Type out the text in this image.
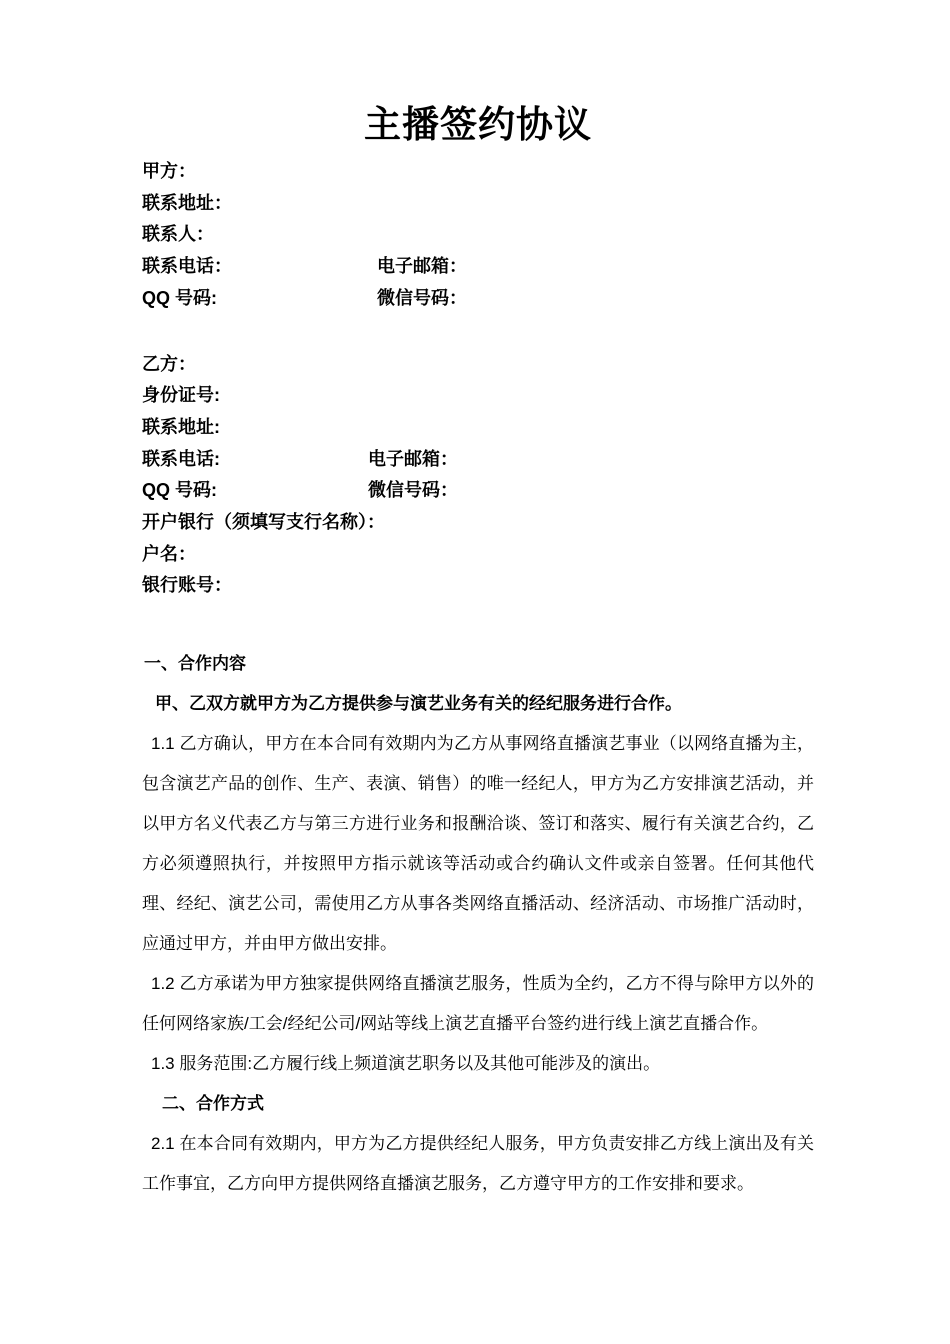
主播签约协议
甲方：
联系地址：
联系人：
联系电话：	电子邮箱：
QQ 号码:	微信号码：
乙方：
身份证号:
联系地址:
联系电话:	电子邮箱：
QQ 号码:	微信号码：
开户银行（须填写支行名称）：
户名：
银行账号：

一、合作内容

甲、乙双方就甲方为乙方提供参与演艺业务有关的经纪服务进行合作。

1.1 乙方确认，甲方在本合同有效期内为乙方从事网络直播演艺事业（以网络直播为主，包含演艺产品的创作、生产、表演、销售）的唯一经纪人，甲方为乙方安排演艺活动，并以甲方名义代表乙方与第三方进行业务和报酬洽谈、签订和落实、履行有关演艺合约，乙方必须遵照执行，并按照甲方指示就该等活动或合约确认文件或亲自签署。任何其他代理、经纪、演艺公司，需使用乙方从事各类网络直播活动、经济活动、市场推广活动时，应通过甲方，并由甲方做出安排。

1.2 乙方承诺为甲方独家提供网络直播演艺服务，性质为全约，乙方不得与除甲方以外的任何网络家族/工会/经纪公司/网站等线上演艺直播平台签约进行线上演艺直播合作。

1.3 服务范围:乙方履行线上频道演艺职务以及其他可能涉及的演出。

二、合作方式

2.1 在本合同有效期内，甲方为乙方提供经纪人服务，甲方负责安排乙方线上演出及有关工作事宜，乙方向甲方提供网络直播演艺服务，乙方遵守甲方的工作安排和要求。
